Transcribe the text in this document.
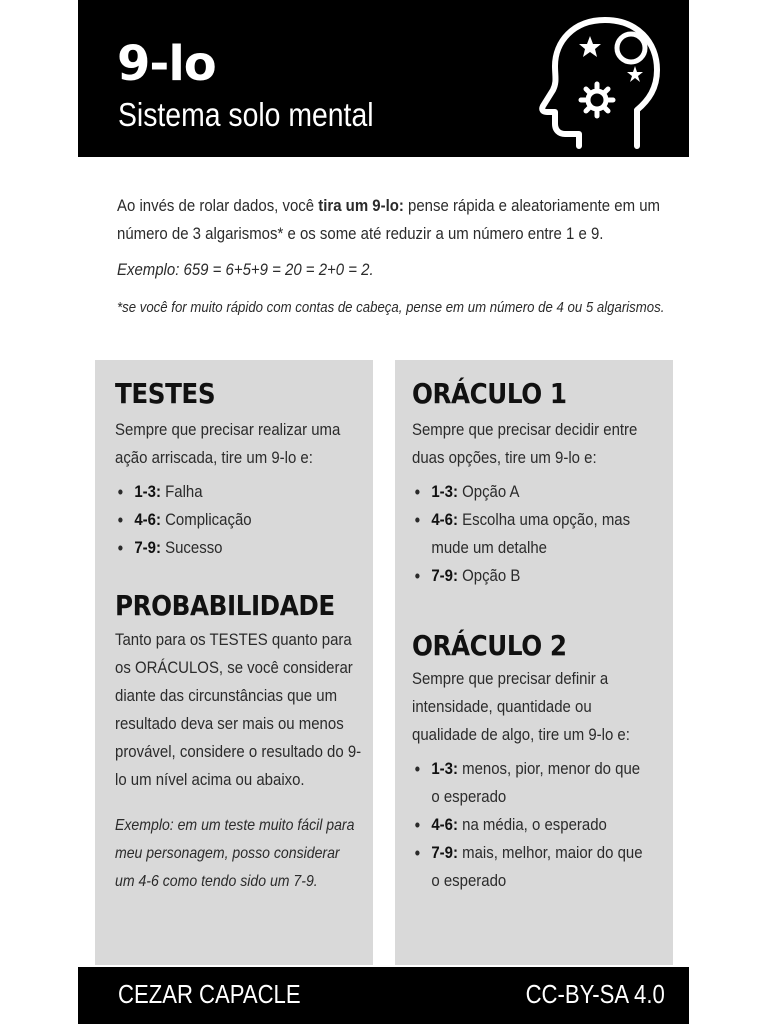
9-lo
Sistema solo mental

Ao invés de rolar dados, você tira um 9-lo: pense rápida e aleatoriamente em um número de 3 algarismos* e os some até reduzir a um número entre 1 e 9.

Exemplo: 659 = 6+5+9 = 20 = 2+0 = 2.

*se você for muito rápido com contas de cabeça, pense em um número de 4 ou 5 algarismos.

TESTES

Sempre que precisar realizar uma ação arriscada, tire um 9-lo e:

• 1-3: Falha
• 4-6: Complicação
• 7-9: Sucesso
PROBABILIDADE

Tanto para os TESTES quanto para os ORÁCULOS, se você considerar diante das circunstâncias que um resultado deva ser mais ou menos provável, considere o resultado do 9-lo um nível acima ou abaixo.

Exemplo: em um teste muito fácil para meu personagem, posso considerar um 4-6 como tendo sido um 7-9.

ORÁCULO 1

Sempre que precisar decidir entre duas opções, tire um 9-lo e:

• 1-3: Opção A
• 4-6: Escolha uma opção, mas mude um detalhe
• 7-9: Opção B
ORÁCULO 2

Sempre que precisar definir a intensidade, quantidade ou qualidade de algo, tire um 9-lo e:

• 1-3: menos, pior, menor do que o esperado
• 4-6: na média, o esperado
• 7-9: mais, melhor, maior do que o esperado
CEZAR CAPACLE	CC-BY-SA 4.0
